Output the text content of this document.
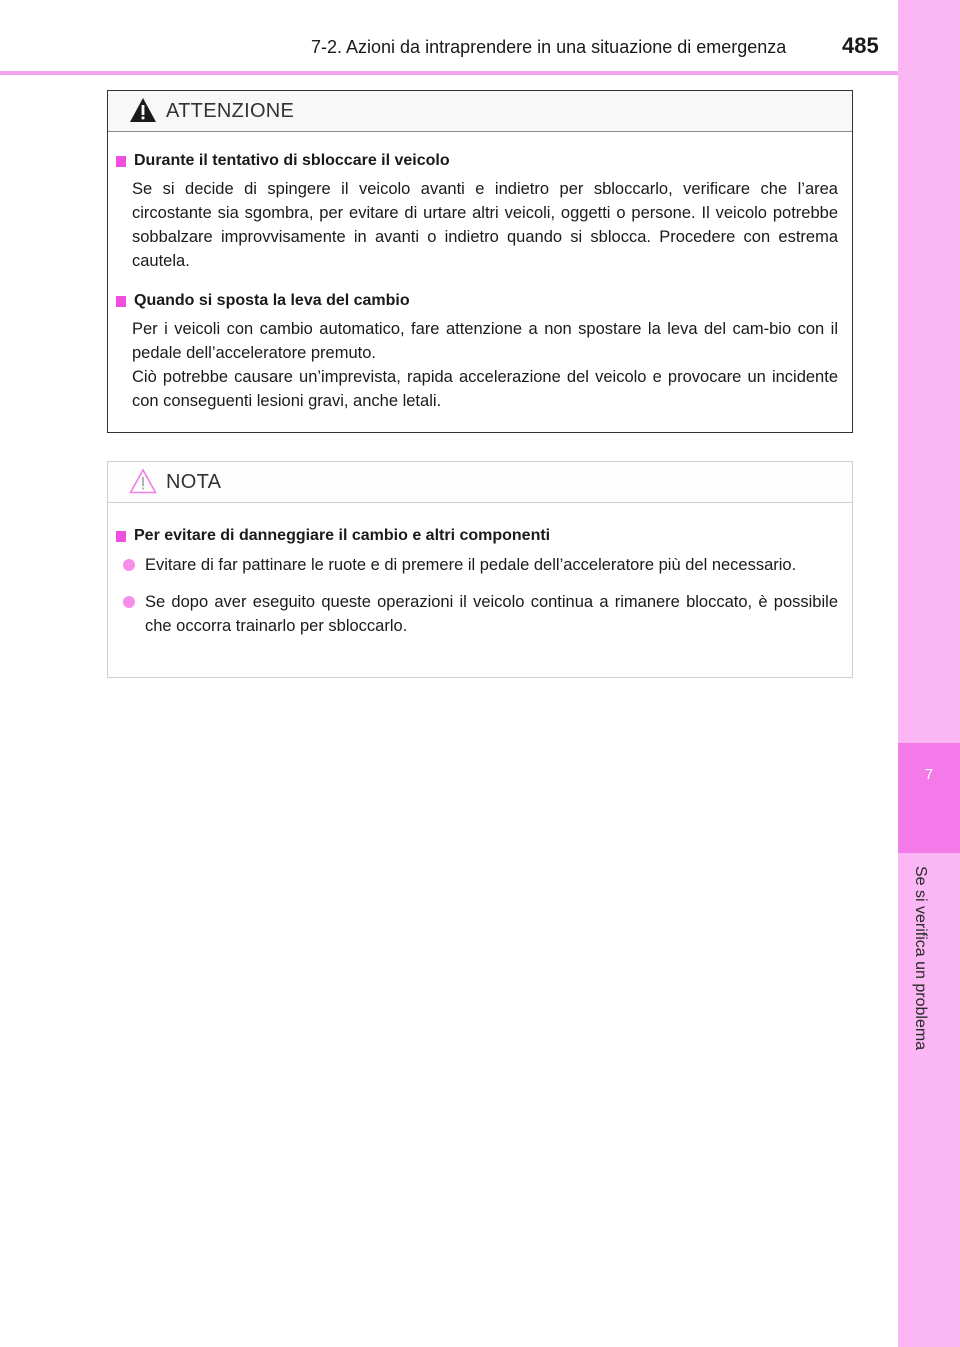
7
Se si verifica un problema
7-2. Azioni da intraprendere in una situazione di emergenza	485
ATTENZIONE
Durante il tentativo di sbloccare il veicolo

Se si decide di spingere il veicolo avanti e indietro per sbloccarlo, verificare che l’area circostante sia sgombra, per evitare di urtare altri veicoli, oggetti o persone. Il veicolo potrebbe sobbalzare improvvisamente in avanti o indietro quando si sblocca. Procedere con estrema cautela.

Quando si sposta la leva del cambio

Per i veicoli con cambio automatico, fare attenzione a non spostare la leva del cam-bio con il pedale dell’acceleratore premuto.

Ciò potrebbe causare un’imprevista, rapida accelerazione del veicolo e provocare un incidente con conseguenti lesioni gravi, anche letali.

NOTA
Per evitare di danneggiare il cambio e altri componenti
Evitare di far pattinare le ruote e di premere il pedale dell’acceleratore più del necessario.
Se dopo aver eseguito queste operazioni il veicolo continua a rimanere bloccato, è possibile che occorra trainarlo per sbloccarlo.
